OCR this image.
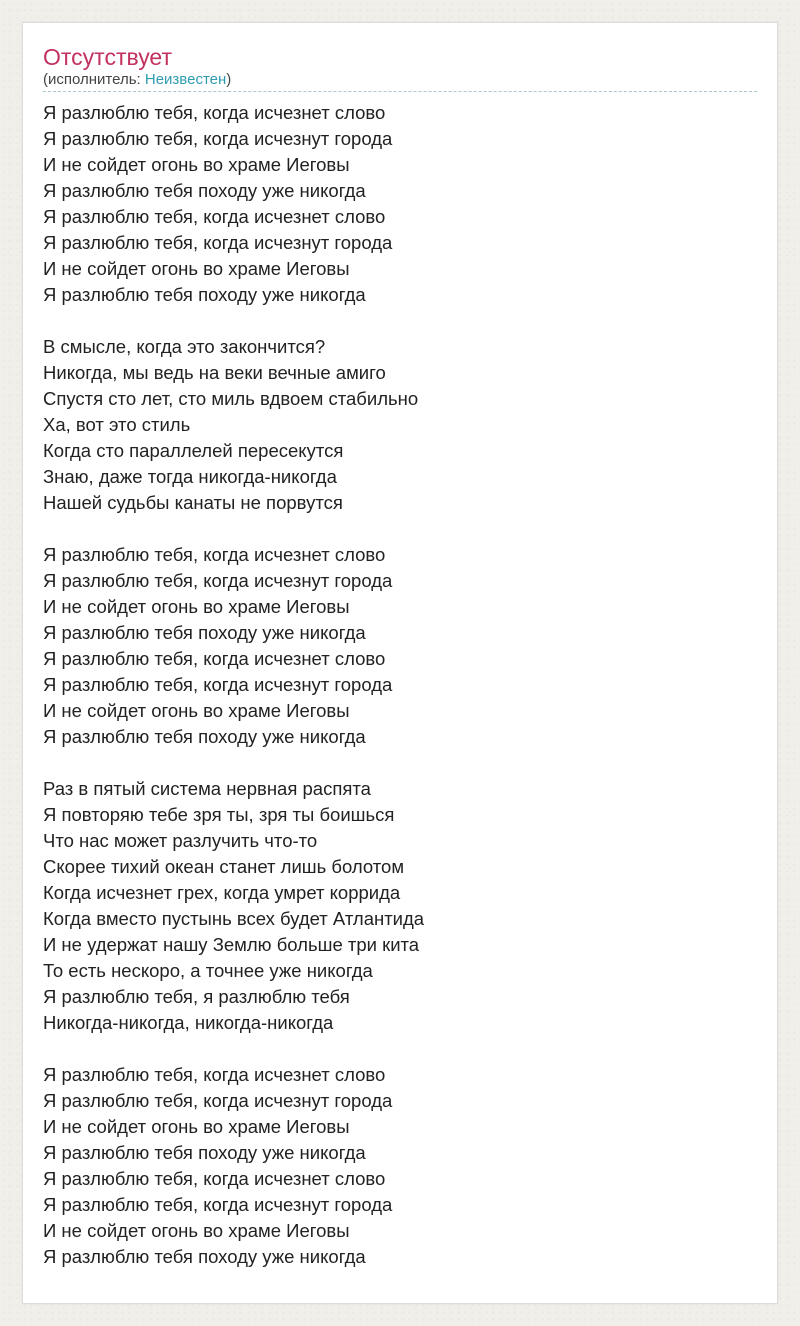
Отсутствует
(исполнитель: Неизвестен)
Я разлюблю тебя, когда исчезнет слово
Я разлюблю тебя, когда исчезнут города
И не сойдет огонь во храме Иеговы
Я разлюблю тебя походу уже никогда
Я разлюблю тебя, когда исчезнет слово
Я разлюблю тебя, когда исчезнут города
И не сойдет огонь во храме Иеговы
Я разлюблю тебя походу уже никогда
В смысле, когда это закончится?
Никогда, мы ведь на веки вечные амиго
Спустя сто лет, сто миль вдвоем стабильно
Ха, вот это стиль
Когда сто параллелей пересекутся
Знаю, даже тогда никогда-никогда
Нашей судьбы канаты не порвутся
Я разлюблю тебя, когда исчезнет слово
Я разлюблю тебя, когда исчезнут города
И не сойдет огонь во храме Иеговы
Я разлюблю тебя походу уже никогда
Я разлюблю тебя, когда исчезнет слово
Я разлюблю тебя, когда исчезнут города
И не сойдет огонь во храме Иеговы
Я разлюблю тебя походу уже никогда
Раз в пятый система нервная распята
Я повторяю тебе зря ты, зря ты боишься
Что нас может разлучить что-то
Скорее тихий океан станет лишь болотом
Когда исчезнет грех, когда умрет коррида
Когда вместо пустынь всех будет Атлантида
И не удержат нашу Землю больше три кита
То есть нескоро, а точнее уже никогда
Я разлюблю тебя, я разлюблю тебя
Никогда-никогда, никогда-никогда
Я разлюблю тебя, когда исчезнет слово
Я разлюблю тебя, когда исчезнут города
И не сойдет огонь во храме Иеговы
Я разлюблю тебя походу уже никогда
Я разлюблю тебя, когда исчезнет слово
Я разлюблю тебя, когда исчезнут города
И не сойдет огонь во храме Иеговы
Я разлюблю тебя походу уже никогда
